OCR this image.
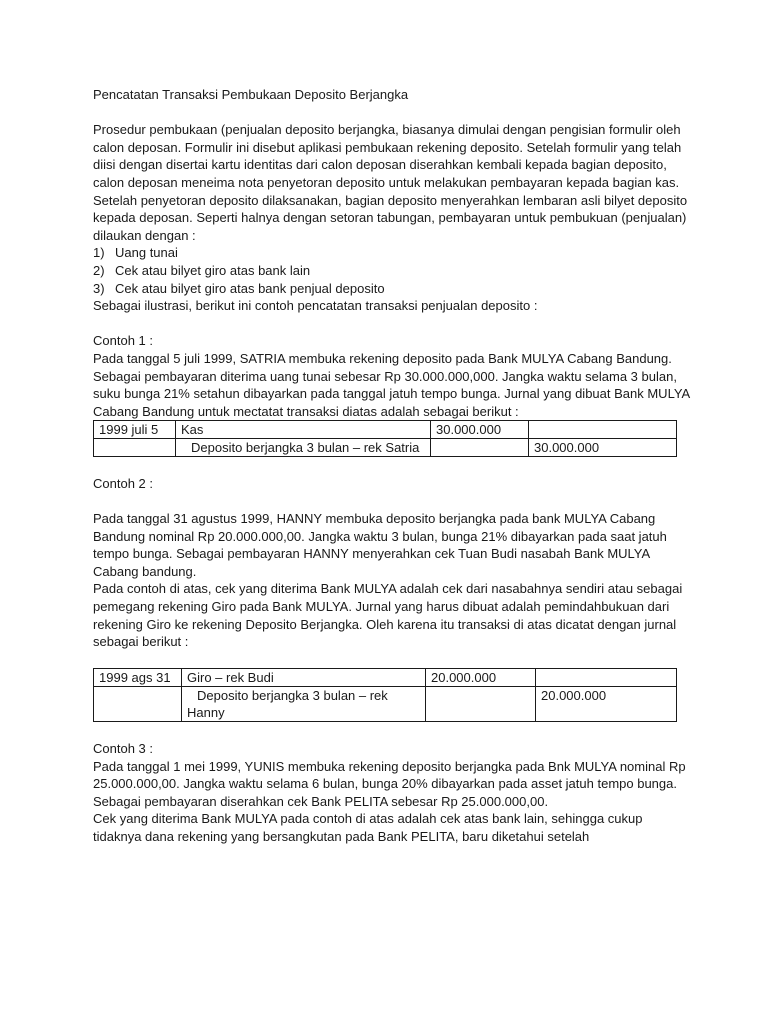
Pencatatan Transaksi Pembukaan Deposito Berjangka

Prosedur pembukaan (penjualan deposito berjangka, biasanya dimulai dengan pengisian formulir oleh calon deposan. Formulir ini disebut aplikasi pembukaan rekening deposito. Setelah formulir yang telah diisi dengan disertai kartu identitas dari calon deposan diserahkan kembali kepada bagian deposito, calon deposan meneima nota penyetoran deposito untuk melakukan pembayaran kepada bagian kas. Setelah penyetoran deposito dilaksanakan, bagian deposito menyerahkan lembaran asli bilyet deposito kepada deposan. Seperti halnya dengan setoran tabungan, pembayaran untuk pembukuan (penjualan) dilaukan dengan :

1) Uang tunai
2) Cek atau bilyet giro atas bank lain
3) Cek atau bilyet giro atas bank penjual deposito

Sebagai ilustrasi, berikut ini contoh pencatatan transaksi penjualan deposito :

Contoh 1 :

Pada tanggal 5 juli 1999, SATRIA membuka rekening deposito pada Bank MULYA Cabang Bandung. Sebagai pembayaran diterima uang tunai sebesar Rp 30.000.000,000. Jangka waktu selama 3 bulan, suku bunga 21% setahun dibayarkan pada tanggal jatuh tempo bunga. Jurnal yang dibuat Bank MULYA Cabang Bandung untuk mectatat transaksi diatas adalah sebagai berikut :

1999 juli 5	Kas	30.000.000	

	Deposito berjangka 3 bulan – rek Satria		30.000.000

Contoh 2 :

Pada tanggal 31 agustus 1999, HANNY membuka deposito berjangka pada bank MULYA Cabang Bandung nominal Rp 20.000.000,00. Jangka waktu 3 bulan, bunga 21% dibayarkan pada saat jatuh tempo bunga. Sebagai pembayaran HANNY menyerahkan cek Tuan Budi nasabah Bank MULYA Cabang bandung.

Pada contoh di atas, cek yang diterima Bank MULYA adalah cek dari nasabahnya sendiri atau sebagai pemegang rekening Giro pada Bank MULYA. Jurnal yang harus dibuat adalah pemindahbukuan dari rekening Giro ke rekening Deposito Berjangka. Oleh karena itu transaksi di atas dicatat dengan jurnal sebagai berikut :

1999 ags 31	Giro – rek Budi	20.000.000	

	Deposito berjangka 3 bulan – rek Hanny		20.000.000

Contoh 3 :

Pada tanggal 1 mei 1999, YUNIS membuka rekening deposito berjangka pada Bnk MULYA nominal Rp 25.000.000,00. Jangka waktu selama 6 bulan, bunga 20% dibayarkan pada asset jatuh tempo bunga. Sebagai pembayaran diserahkan cek Bank PELITA sebesar Rp 25.000.000,00.

Cek yang diterima Bank MULYA pada contoh di atas adalah cek atas bank lain, sehingga cukup tidaknya dana rekening yang bersangkutan pada Bank PELITA, baru diketahui setelah
